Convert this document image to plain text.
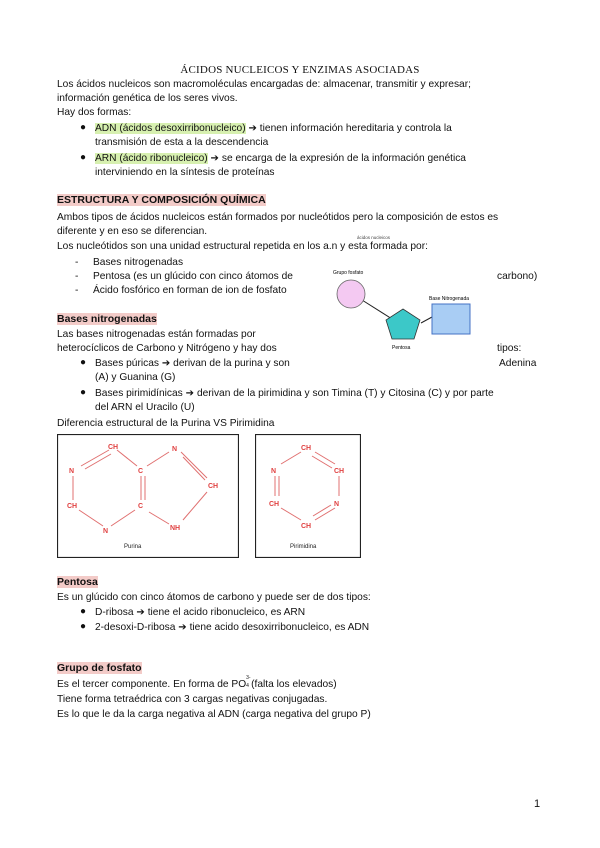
ÁCIDOS NUCLEICOS Y ENZIMAS ASOCIADAS
Los ácidos nucleicos son macromoléculas encargadas de: almacenar, transmitir y expresar;
información genética de los seres vivos.
Hay dos formas:
● ADN (ácidos desoxirribonucleico) ➔ tienen información hereditaria y controla la
transmisión de esta a la descendencia
● ARN (ácido ribonucleico) ➔ se encarga de la expresión de la información genética
interviniendo en la síntesis de proteínas
ESTRUCTURA Y COMPOSICIÓN QUÍMICA
Ambos tipos de ácidos nucleicos están formados por nucleótidos pero la composición de estos es
diferente y en eso se diferencian.
ácidos nucleicos
Los nucleótidos son una unidad estructural repetida en los a.n y esta formada por:
- Bases nitrogenadas
- Pentosa (es un glúcido con cinco átomos de	carbono)
- Ácido fosfórico en forman de ion de fosfato
Grupo fosfato
Base Nitrogenada
Pentosa
Bases nitrogenadas
Las bases nitrogenadas están formadas por
heterocíclicos de Carbono y Nitrógeno y hay dos	tipos:
● Bases púricas ➔ derivan de la purina y son	Adenina
(A) y Guanina (G)
● Bases pirimidínicas ➔ derivan de la pirimidina y son Timina (T) y Citosina (C) y por parte
del ARN el Uracilo (U)
Diferencia estructural de la Purina VS Pirimidina
CH
N	C
N
CH
N
C
NH
CH
Purina
CH
N	CH
CH	N
CH
Pirimidina
Pentosa
Es un glúcido con cinco átomos de carbono y puede ser de dos tipos:
● D-ribosa ➔ tiene el acido ribonucleico, es ARN
● 2-desoxi-D-ribosa ➔ tiene acido desoxirribonucleico, es ADN
Grupo de fosfato
Es el tercer componente. En forma de PO
3-
4 (falta los elevados)
Tiene forma tetraédrica con 3 cargas negativas conjugadas.
Es lo que le da la carga negativa al ADN (carga negativa del grupo P)
1
